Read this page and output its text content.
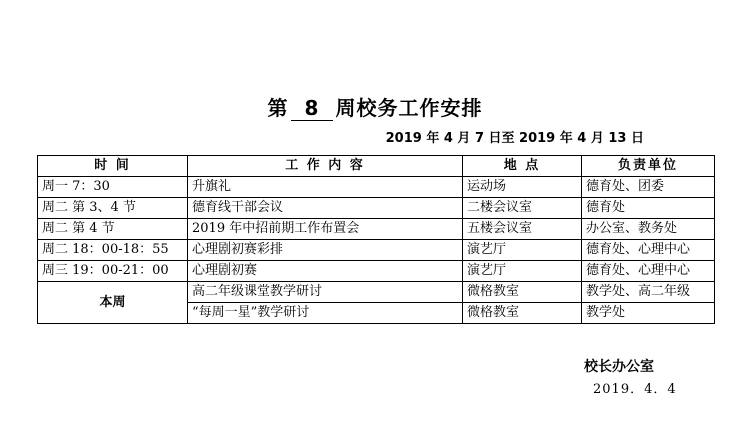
第 8 周校务工作安排
2019 年 4 月 7 日至 2019 年 4 月 13 日
时 间	工 作 内 容	地 点	负责单位
周一 7：30	升旗礼	运动场	德育处、团委
周二 第 3、4 节	德育线干部会议	二楼会议室	德育处
周二 第 4 节	2019 年中招前期工作布置会	五楼会议室	办公室、教务处
周二 18：00-18：55	心理剧初赛彩排	演艺厅	德育处、心理中心
周三 19：00-21：00	心理剧初赛	演艺厅	德育处、心理中心
本周	高二年级课堂教学研讨	微格教室	教学处、高二年级
	“每周一星”教学研讨	微格教室	教学处
校长办公室
2019．4．4
